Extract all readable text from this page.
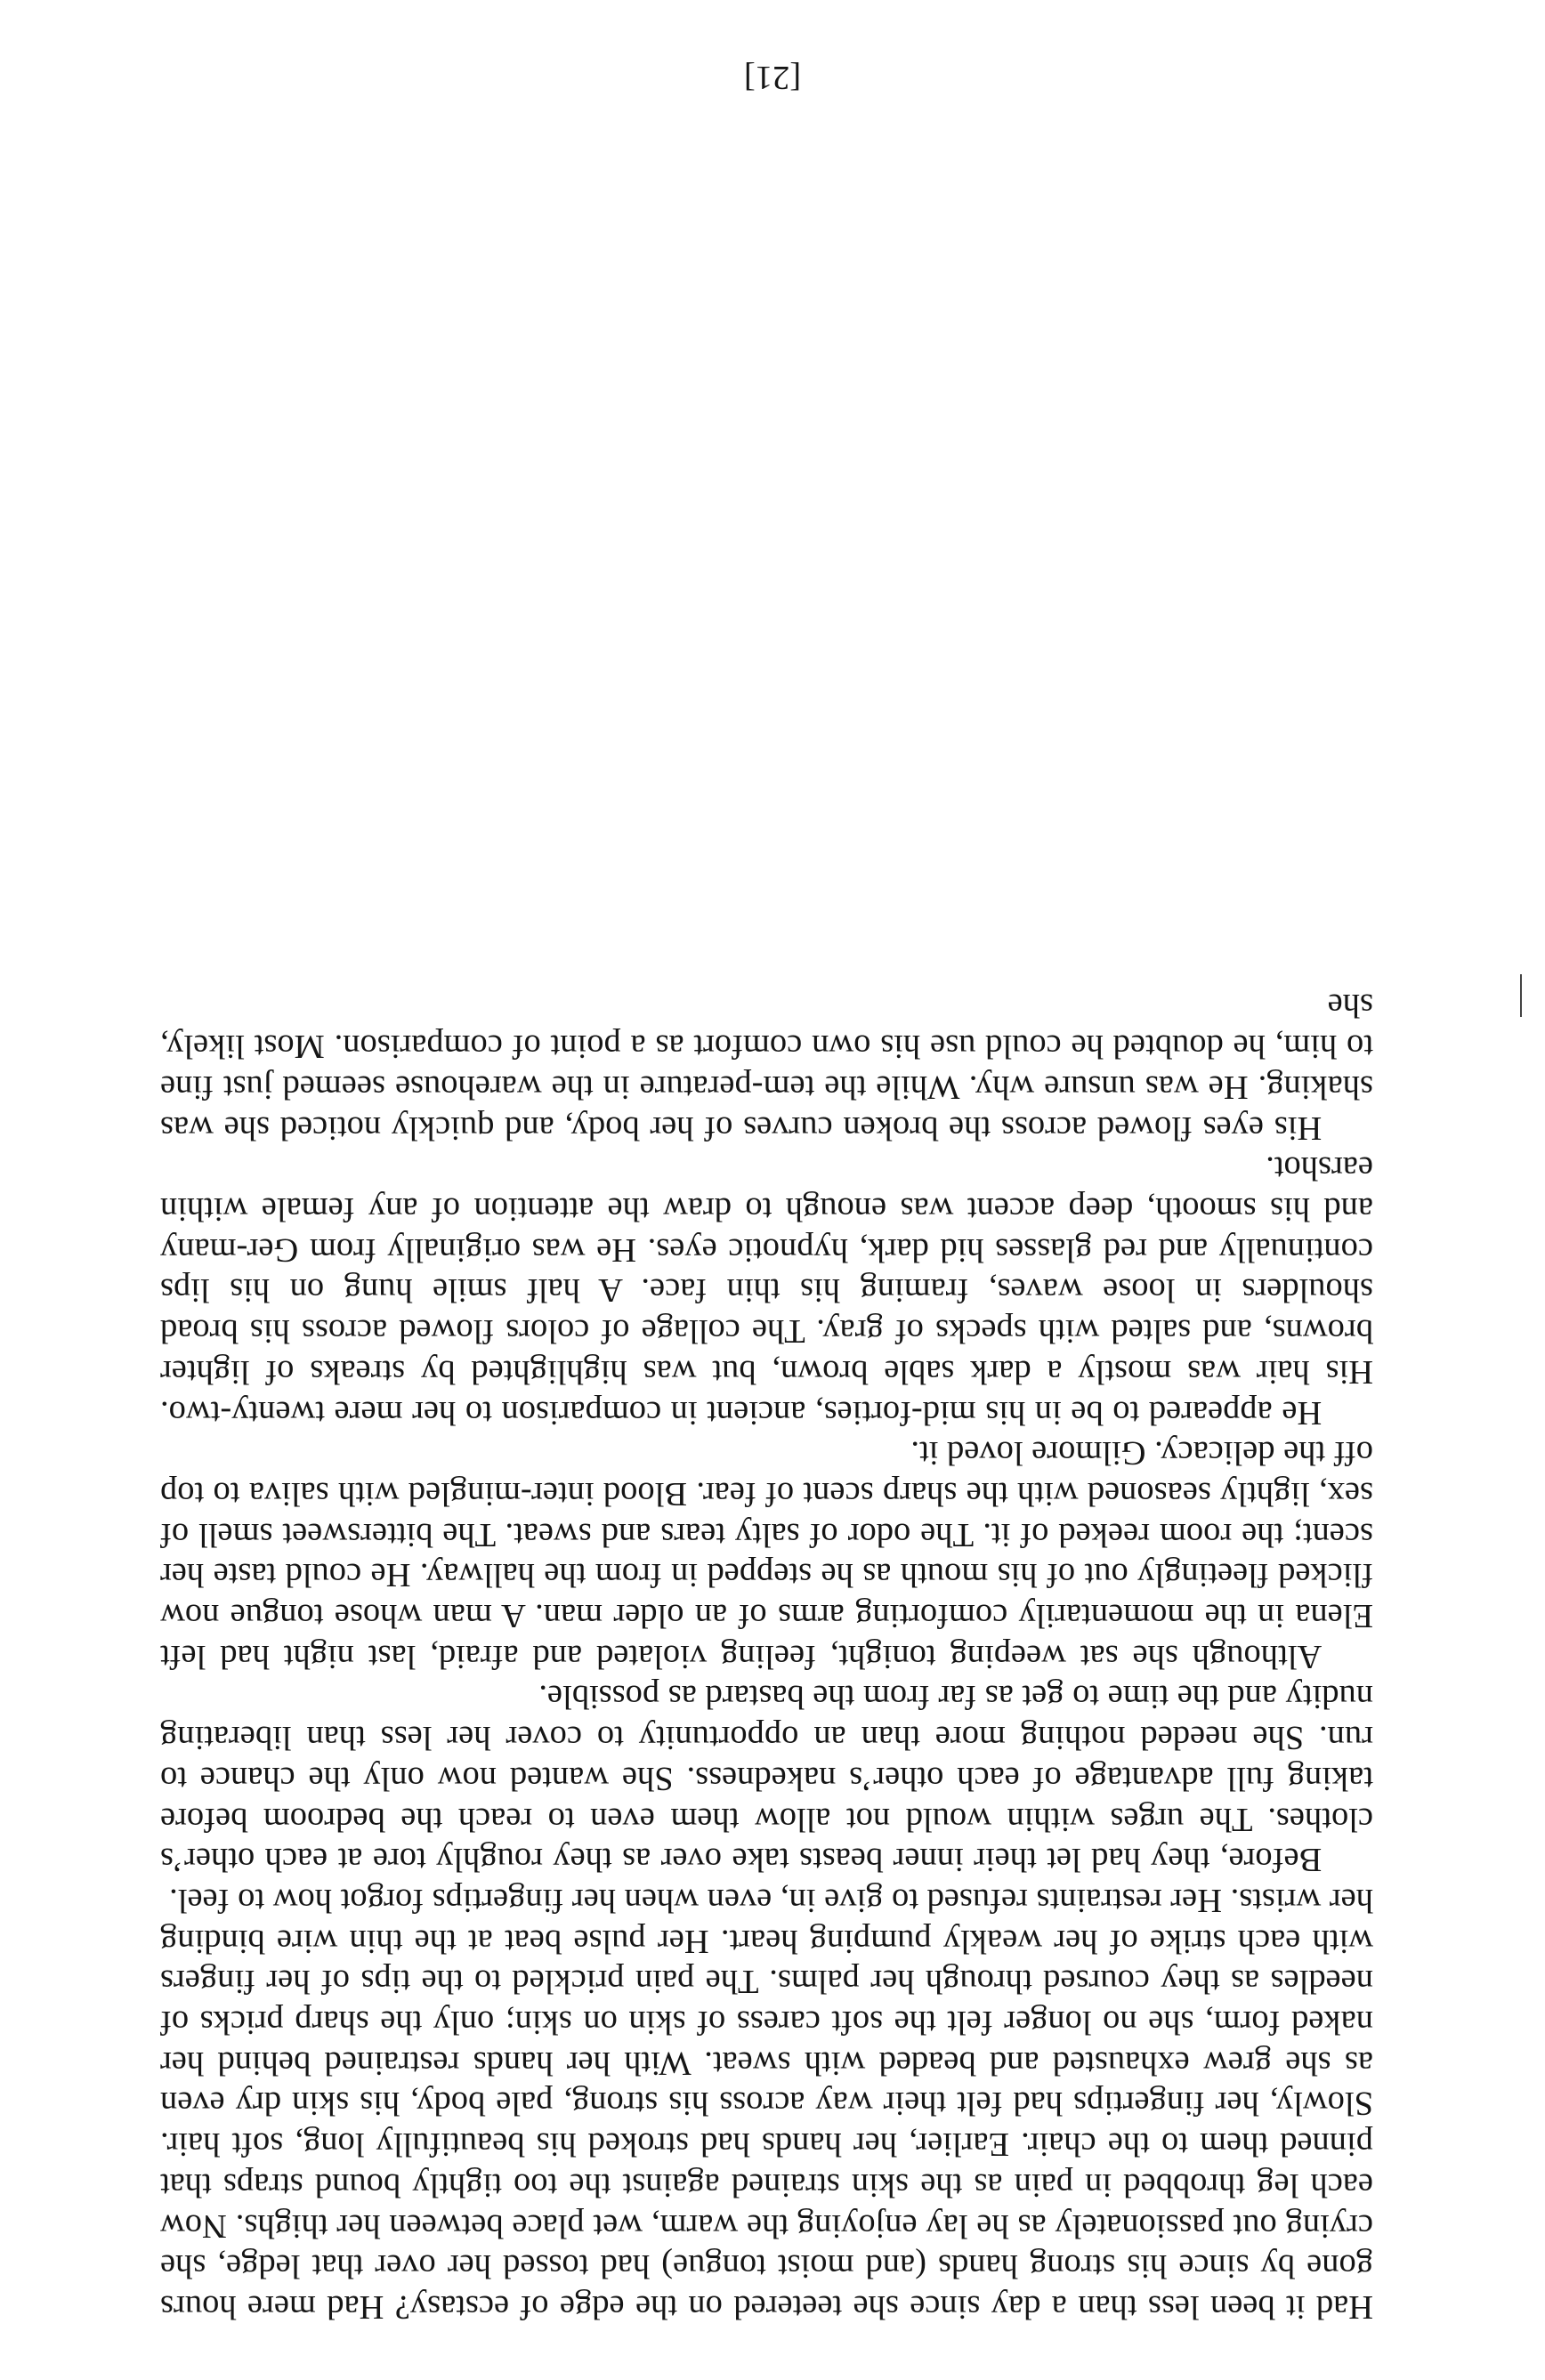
Had it been less than a day since she teetered on the edge of ecstasy? Had mere hours gone by since his strong hands (and moist tongue) had tossed her over that ledge, she crying out passionately as he lay enjoying the warm, wet place between her thighs. Now each leg throbbed in pain as the skin strained against the too tightly bound straps that pinned them to the chair. Earlier, her hands had stroked his beautifully long, soft hair. Slowly, her fingertips had felt their way across his strong, pale body, his skin dry even as she grew exhausted and beaded with sweat. With her hands restrained behind her naked form, she no longer felt the soft caress of skin on skin; only the sharp pricks of needles as they coursed through her palms. The pain prickled to the tips of her fingers with each strike of her weakly pumping heart. Her pulse beat at the thin wire binding her wrists. Her restraints refused to give in, even when her fingertips forgot how to feel.

Before, they had let their inner beasts take over as they roughly tore at each other’s clothes. The urges within would not allow them even to reach the bedroom before taking full advantage of each other’s nakedness. She wanted now only the chance to run. She needed nothing more than an opportunity to cover her less than liberating nudity and the time to get as far from the bastard as possible.

Although she sat weeping tonight, feeling violated and afraid, last night had left Elena in the momentarily comforting arms of an older man. A man whose tongue now flicked fleetingly out of his mouth as he stepped in from the hallway. He could taste her scent; the room reeked of it. The odor of salty tears and sweat. The bittersweet smell of sex, lightly seasoned with the sharp scent of fear. Blood inter-mingled with saliva to top off the delicacy. Gilmore loved it.

He appeared to be in his mid-forties, ancient in comparison to her mere twenty-two. His hair was mostly a dark sable brown, but was highlighted by streaks of lighter browns, and salted with specks of gray. The collage of colors flowed across his broad shoulders in loose waves, framing his thin face. A half smile hung on his lips continually and red glasses hid dark, hypnotic eyes. He was originally from Ger-many and his smooth, deep accent was enough to draw the attention of any female within earshot.

His eyes flowed across the broken curves of her body, and quickly noticed she was shaking. He was unsure why. While the tem-perature in the warehouse seemed just fine to him, he doubted he could use his own comfort as a point of comparison. Most likely, she

[21]
